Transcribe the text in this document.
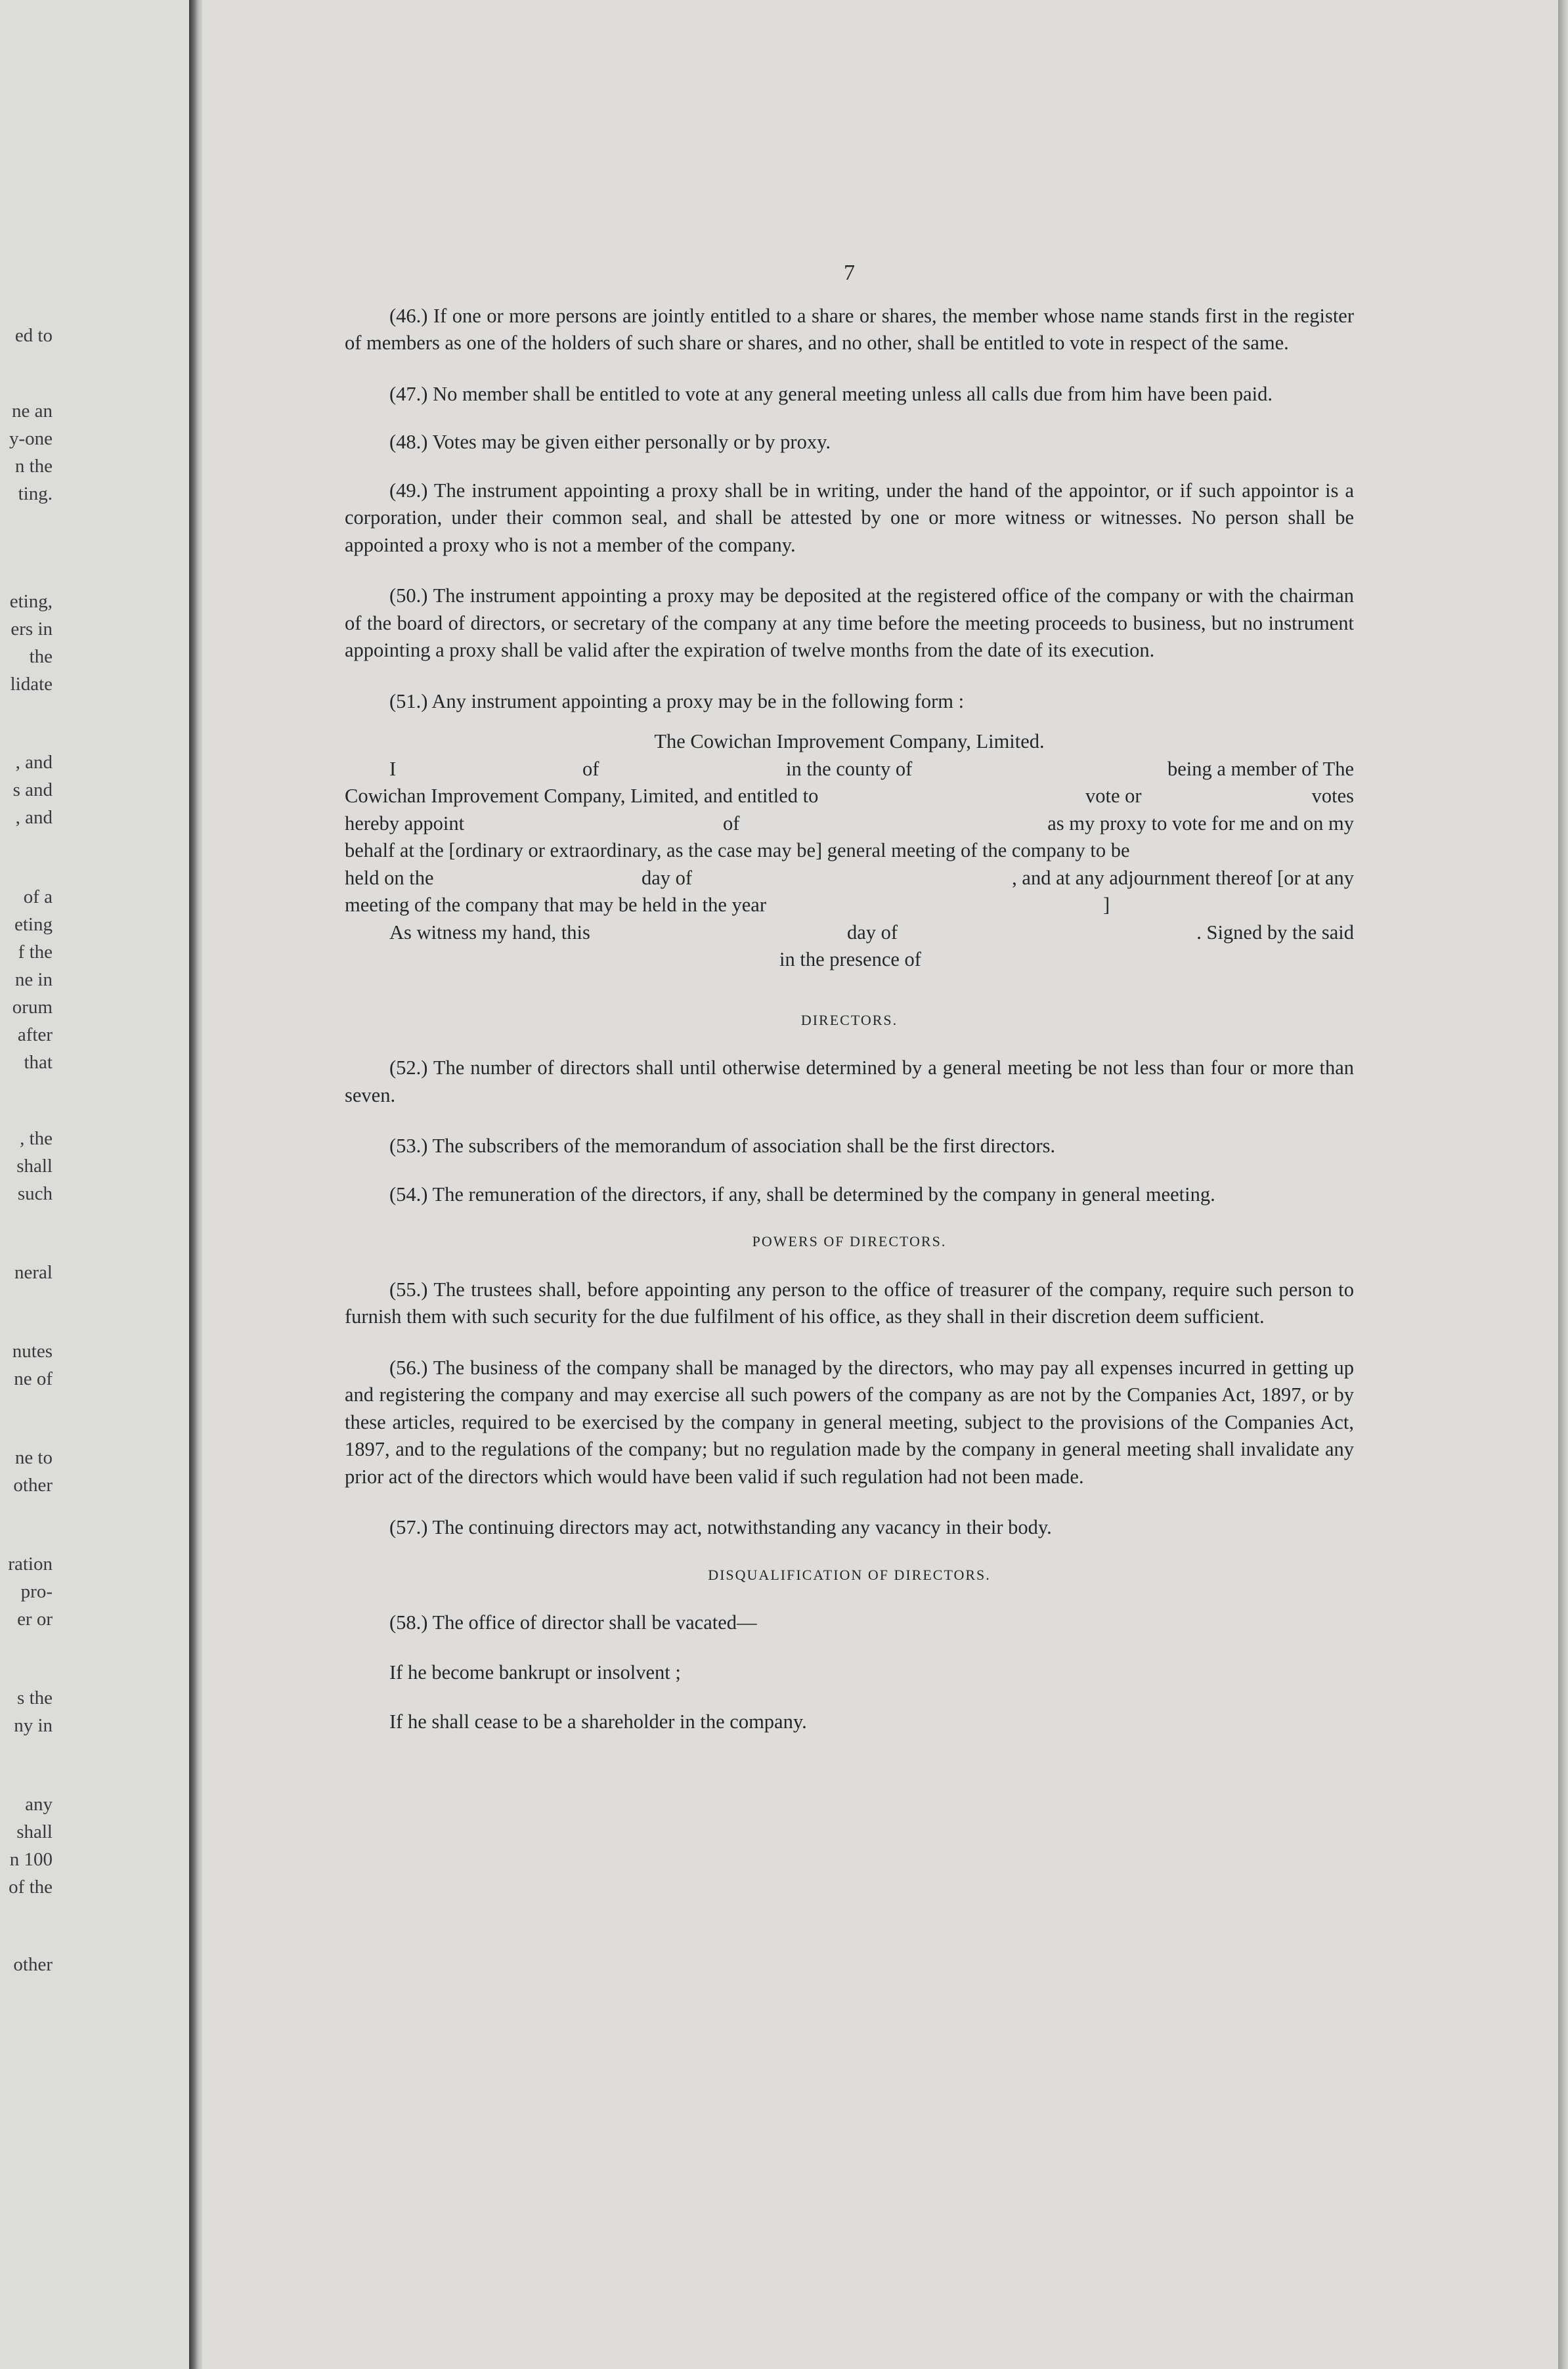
ed to
ne an
y-one
n the
ting.
eting,
ers in
the
lidate
, and
s and
, and
of a
eting
f the
ne in
orum
after
that
, the
shall
such
neral
nutes
ne of
ne to
other
ration
pro-
er or
s the
ny in
any
shall
n 100
of the
other
7

(46.) If one or more persons are jointly entitled to a share or shares, the member whose name stands first in the register of members as one of the holders of such share or shares, and no other, shall be entitled to vote in respect of the same.

(47.) No member shall be entitled to vote at any general meeting unless all calls due from him have been paid.

(48.) Votes may be given either personally or by proxy.

(49.) The instrument appointing a proxy shall be in writing, under the hand of the appointor, or if such appointor is a corporation, under their common seal, and shall be attested by one or more witness or witnesses. No person shall be appointed a proxy who is not a member of the company.

(50.) The instrument appointing a proxy may be deposited at the registered office of the company or with the chairman of the board of directors, or secretary of the company at any time before the meeting proceeds to business, but no instrument appointing a proxy shall be valid after the expiration of twelve months from the date of its execution.

(51.) Any instrument appointing a proxy may be in the following form :

The Cowichan Improvement Company, Limited.
I	of	in the county of	being a member of The
Cowichan Improvement Company, Limited, and entitled to	vote or	votes
hereby appoint	of	as my proxy to vote for me and on my
behalf at the [ordinary or extraordinary, as the case may be] general meeting of the company to be
held on the	day of	, and at any adjournment thereof [or at any
meeting of the company that may be held in the year	]
As witness my hand, this	day of	. Signed by the said
in the presence of
DIRECTORS.

(52.) The number of directors shall until otherwise determined by a general meeting be not less than four or more than seven.

(53.) The subscribers of the memorandum of association shall be the first directors.

(54.) The remuneration of the directors, if any, shall be determined by the company in general meeting.

POWERS OF DIRECTORS.

(55.) The trustees shall, before appointing any person to the office of treasurer of the company, require such person to furnish them with such security for the due fulfilment of his office, as they shall in their discretion deem sufficient.

(56.) The business of the company shall be managed by the directors, who may pay all expenses incurred in getting up and registering the company and may exercise all such powers of the company as are not by the Companies Act, 1897, or by these articles, required to be exercised by the company in general meeting, subject to the provisions of the Companies Act, 1897, and to the regulations of the company; but no regulation made by the company in general meeting shall invalidate any prior act of the directors which would have been valid if such regulation had not been made.

(57.) The continuing directors may act, notwithstanding any vacancy in their body.

DISQUALIFICATION OF DIRECTORS.

(58.) The office of director shall be vacated—

If he become bankrupt or insolvent ;

If he shall cease to be a shareholder in the company.
